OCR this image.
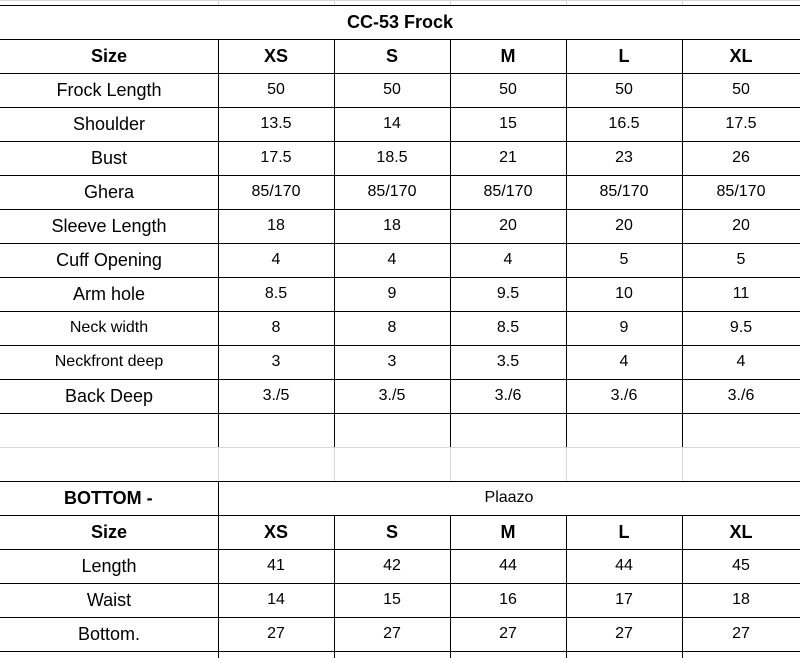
CC-53 Frock
Size	XS	S	M	L	XL
Frock Length	50	50	50	50	50
Shoulder	13.5	14	15	16.5	17.5
Bust	17.5	18.5	21	23	26
Ghera	85/170	85/170	85/170	85/170	85/170
Sleeve Length	18	18	20	20	20
Cuff Opening	4	4	4	5	5
Arm hole	8.5	9	9.5	10	11
Neck width	8	8	8.5	9	9.5
Neckfront deep	3	3	3.5	4	4
Back Deep	3./5	3./5	3./6	3./6	3./6
BOTTOM -	Plaazo
Size	XS	S	M	L	XL
Length	41	42	44	44	45
Waist	14	15	16	17	18
Bottom.	27	27	27	27	27
